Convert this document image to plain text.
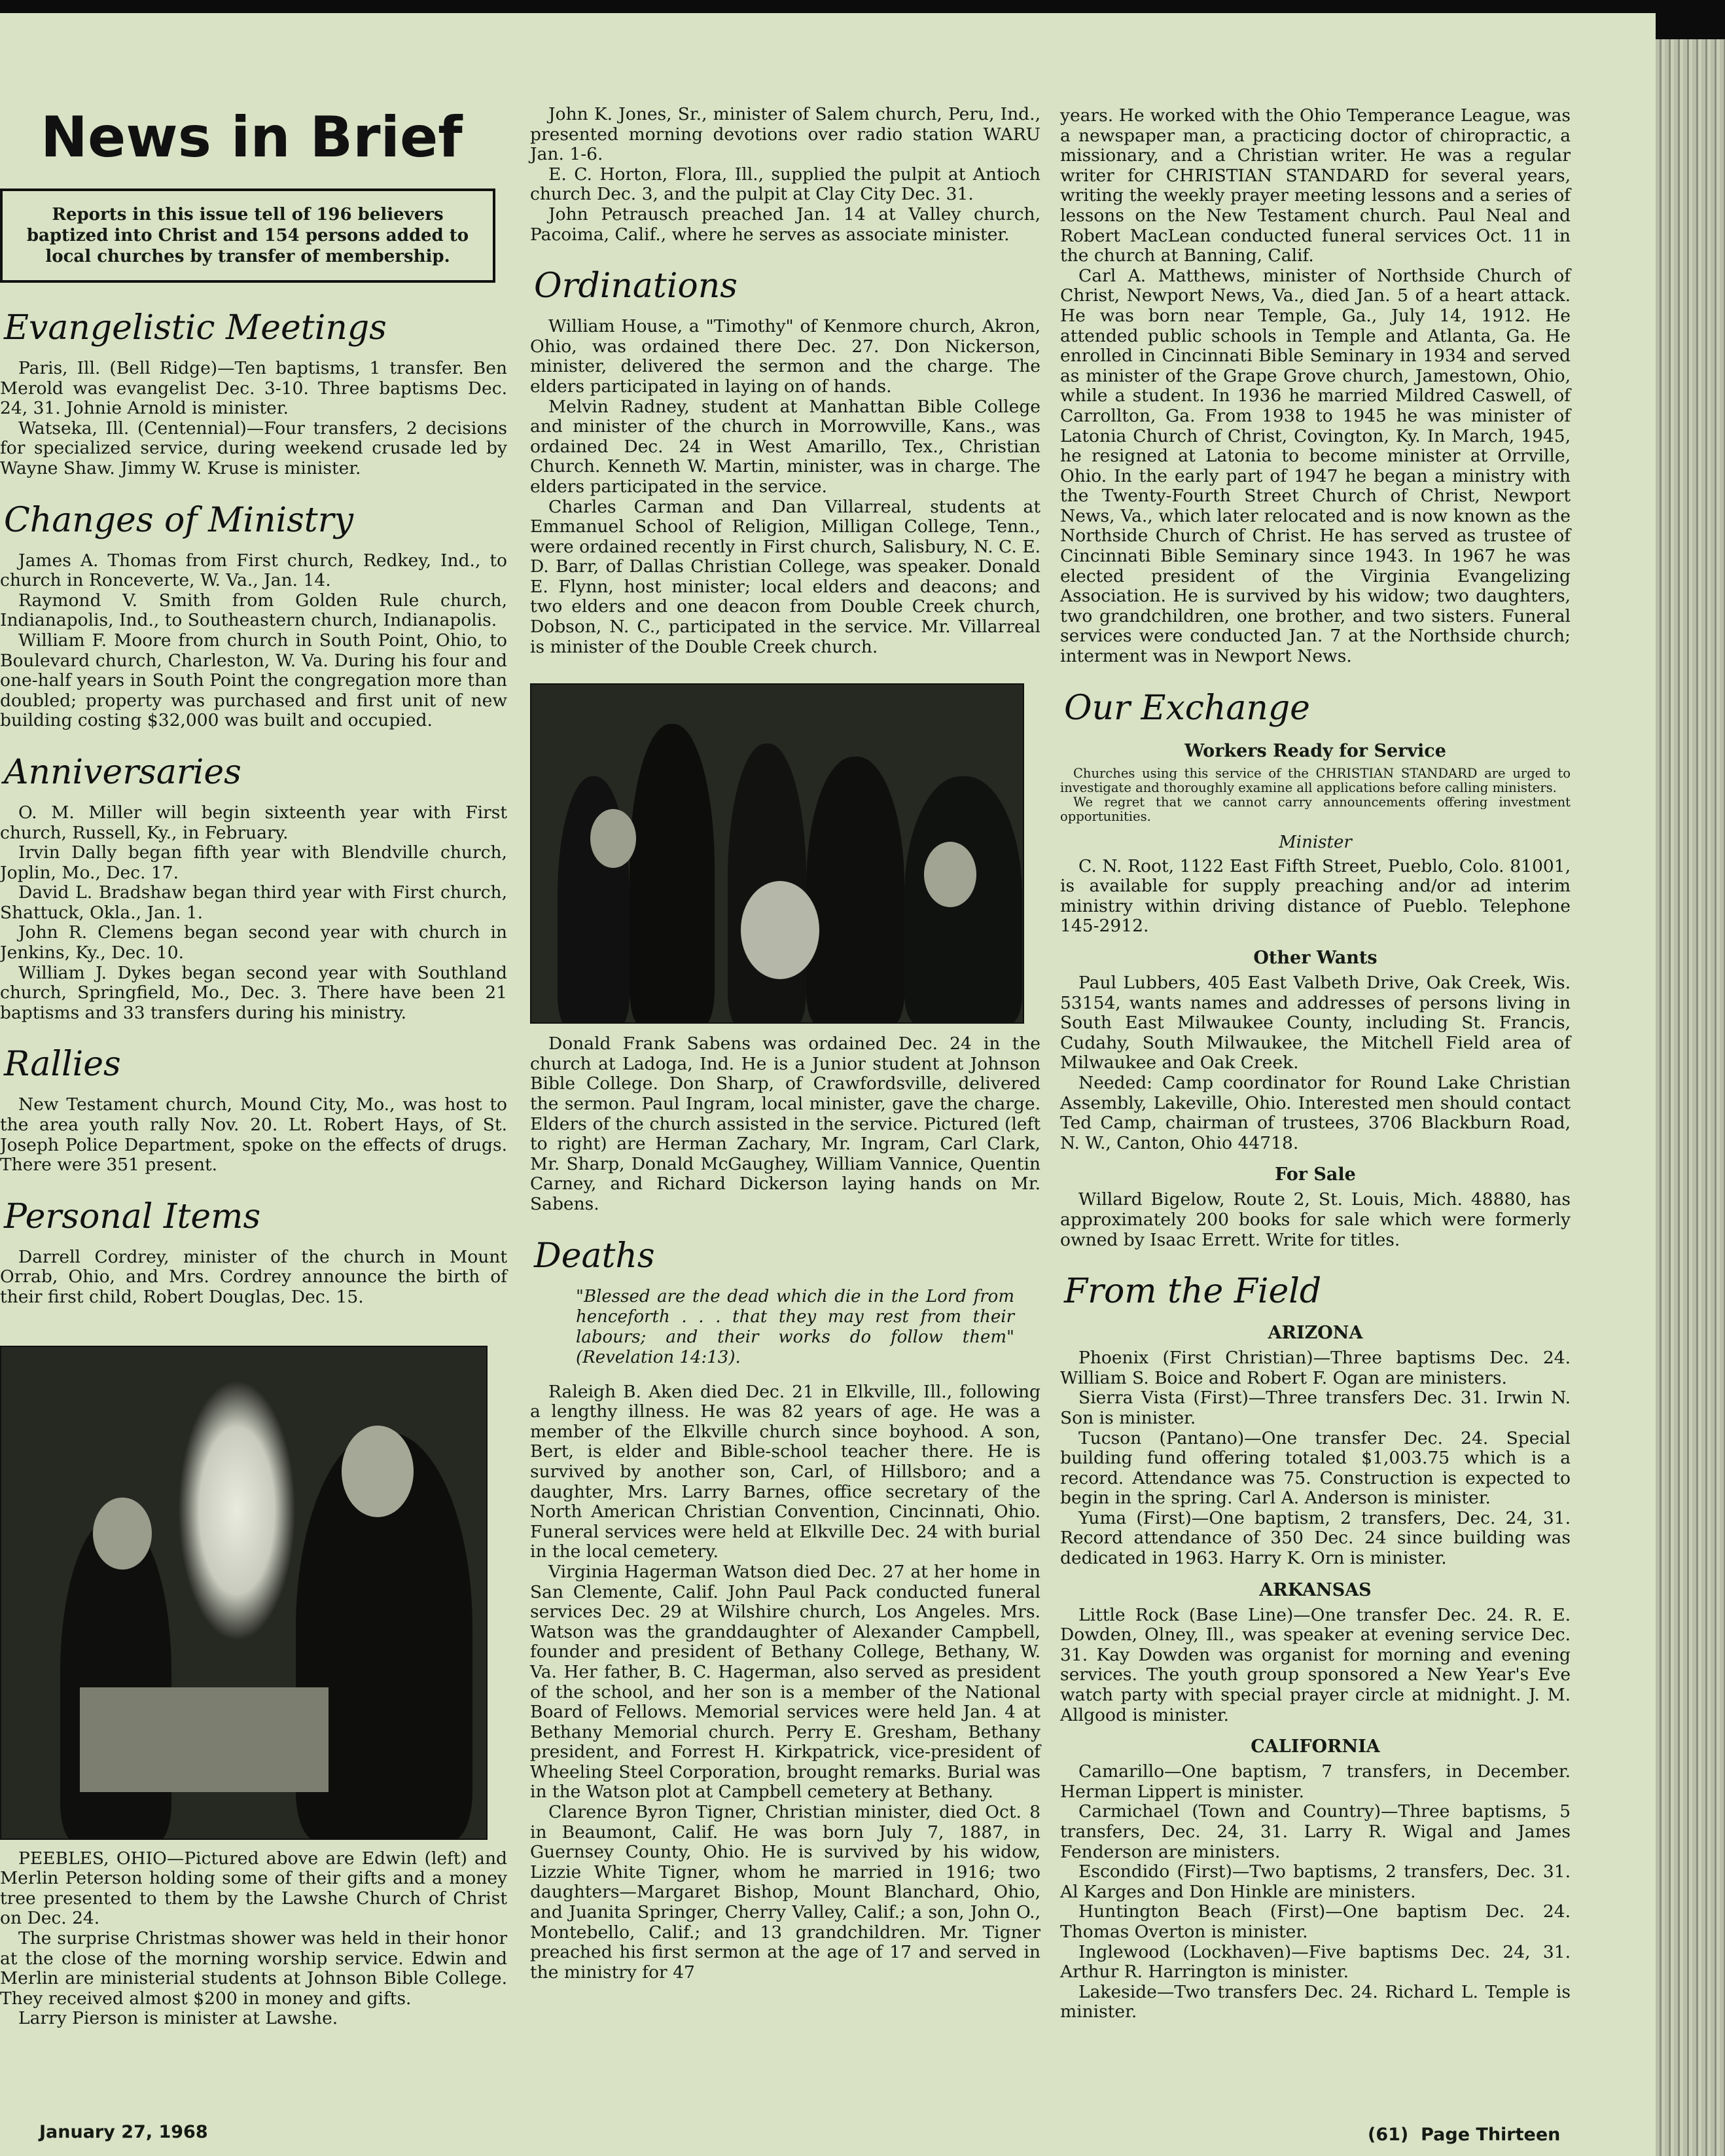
News in Brief
Reports in this issue tell of 196 believers baptized into Christ and 154 persons added to local churches by transfer of membership.
Evangelistic Meetings

Paris, Ill. (Bell Ridge)—Ten baptisms, 1 transfer. Ben Merold was evangelist Dec. 3-10. Three baptisms Dec. 24, 31. Johnie Arnold is minister.

Watseka, Ill. (Centennial)—Four transfers, 2 decisions for specialized service, during weekend crusade led by Wayne Shaw. Jimmy W. Kruse is minister.

Changes of Ministry

James A. Thomas from First church, Redkey, Ind., to church in Ronceverte, W. Va., Jan. 14.

Raymond V. Smith from Golden Rule church, Indianapolis, Ind., to Southeastern church, Indianapolis.

William F. Moore from church in South Point, Ohio, to Boulevard church, Charleston, W. Va. During his four and one-half years in South Point the congregation more than doubled; property was purchased and first unit of new building costing $32,000 was built and occupied.

Anniversaries

O. M. Miller will begin sixteenth year with First church, Russell, Ky., in February.

Irvin Dally began fifth year with Blendville church, Joplin, Mo., Dec. 17.

David L. Bradshaw began third year with First church, Shattuck, Okla., Jan. 1.

John R. Clemens began second year with church in Jenkins, Ky., Dec. 10.

William J. Dykes began second year with Southland church, Springfield, Mo., Dec. 3. There have been 21 baptisms and 33 transfers during his ministry.

Rallies

New Testament church, Mound City, Mo., was host to the area youth rally Nov. 20. Lt. Robert Hays, of St. Joseph Police Department, spoke on the effects of drugs. There were 351 present.

Personal Items

Darrell Cordrey, minister of the church in Mount Orrab, Ohio, and Mrs. Cordrey announce the birth of their first child, Robert Douglas, Dec. 15.

PEEBLES, OHIO—Pictured above are Edwin (left) and Merlin Peterson holding some of their gifts and a money tree presented to them by the Lawshe Church of Christ on Dec. 24.

The surprise Christmas shower was held in their honor at the close of the morning worship service. Edwin and Merlin are ministerial students at Johnson Bible College. They received almost $200 in money and gifts.

Larry Pierson is minister at Lawshe.

John K. Jones, Sr., minister of Salem church, Peru, Ind., presented morning devotions over radio station WARU Jan. 1-6.

E. C. Horton, Flora, Ill., supplied the pulpit at Antioch church Dec. 3, and the pulpit at Clay City Dec. 31.

John Petrausch preached Jan. 14 at Valley church, Pacoima, Calif., where he serves as associate minister.

Ordinations

William House, a "Timothy" of Kenmore church, Akron, Ohio, was ordained there Dec. 27. Don Nickerson, minister, delivered the sermon and the charge. The elders participated in laying on of hands.

Melvin Radney, student at Manhattan Bible College and minister of the church in Morrowville, Kans., was ordained Dec. 24 in West Amarillo, Tex., Christian Church. Kenneth W. Martin, minister, was in charge. The elders participated in the service.

Charles Carman and Dan Villarreal, students at Emmanuel School of Religion, Milligan College, Tenn., were ordained recently in First church, Salisbury, N. C. E. D. Barr, of Dallas Christian College, was speaker. Donald E. Flynn, host minister; local elders and deacons; and two elders and one deacon from Double Creek church, Dobson, N. C., participated in the service. Mr. Villarreal is minister of the Double Creek church.

Donald Frank Sabens was ordained Dec. 24 in the church at Ladoga, Ind. He is a Junior student at Johnson Bible College. Don Sharp, of Crawfordsville, delivered the sermon. Paul Ingram, local minister, gave the charge. Elders of the church assisted in the service. Pictured (left to right) are Herman Zachary, Mr. Ingram, Carl Clark, Mr. Sharp, Donald McGaughey, William Vannice, Quentin Carney, and Richard Dickerson laying hands on Mr. Sabens.

Deaths
"Blessed are the dead which die in the Lord from henceforth . . . that they may rest from their labours; and their works do follow them" (Revelation 14:13).

Raleigh B. Aken died Dec. 21 in Elkville, Ill., following a lengthy illness. He was 82 years of age. He was a member of the Elkville church since boyhood. A son, Bert, is elder and Bible-school teacher there. He is survived by another son, Carl, of Hillsboro; and a daughter, Mrs. Larry Barnes, office secretary of the North American Christian Convention, Cincinnati, Ohio. Funeral services were held at Elkville Dec. 24 with burial in the local cemetery.

Virginia Hagerman Watson died Dec. 27 at her home in San Clemente, Calif. John Paul Pack conducted funeral services Dec. 29 at Wilshire church, Los Angeles. Mrs. Watson was the granddaughter of Alexander Campbell, founder and president of Bethany College, Bethany, W. Va. Her father, B. C. Hagerman, also served as president of the school, and her son is a member of the National Board of Fellows. Memorial services were held Jan. 4 at Bethany Memorial church. Perry E. Gresham, Bethany president, and Forrest H. Kirkpatrick, vice-president of Wheeling Steel Corporation, brought remarks. Burial was in the Watson plot at Campbell cemetery at Bethany.

Clarence Byron Tigner, Christian minister, died Oct. 8 in Beaumont, Calif. He was born July 7, 1887, in Guernsey County, Ohio. He is survived by his widow, Lizzie White Tigner, whom he married in 1916; two daughters—Margaret Bishop, Mount Blanchard, Ohio, and Juanita Springer, Cherry Valley, Calif.; a son, John O., Montebello, Calif.; and 13 grandchildren. Mr. Tigner preached his first sermon at the age of 17 and served in the ministry for 47

years. He worked with the Ohio Temperance League, was a newspaper man, a practicing doctor of chiropractic, a missionary, and a Christian writer. He was a regular writer for CHRISTIAN STANDARD for several years, writing the weekly prayer meeting lessons and a series of lessons on the New Testament church. Paul Neal and Robert MacLean conducted funeral services Oct. 11 in the church at Banning, Calif.

Carl A. Matthews, minister of Northside Church of Christ, Newport News, Va., died Jan. 5 of a heart attack. He was born near Temple, Ga., July 14, 1912. He attended public schools in Temple and Atlanta, Ga. He enrolled in Cincinnati Bible Seminary in 1934 and served as minister of the Grape Grove church, Jamestown, Ohio, while a student. In 1936 he married Mildred Caswell, of Carrollton, Ga. From 1938 to 1945 he was minister of Latonia Church of Christ, Covington, Ky. In March, 1945, he resigned at Latonia to become minister at Orrville, Ohio. In the early part of 1947 he began a ministry with the Twenty-Fourth Street Church of Christ, Newport News, Va., which later relocated and is now known as the Northside Church of Christ. He has served as trustee of Cincinnati Bible Seminary since 1943. In 1967 he was elected president of the Virginia Evangelizing Association. He is survived by his widow; two daughters, two grandchildren, one brother, and two sisters. Funeral services were conducted Jan. 7 at the Northside church; interment was in Newport News.

Our Exchange
Workers Ready for Service

Churches using this service of the CHRISTIAN STANDARD are urged to investigate and thoroughly examine all applications before calling ministers.

We regret that we cannot carry announcements offering investment opportunities.

Minister

C. N. Root, 1122 East Fifth Street, Pueblo, Colo. 81001, is available for supply preaching and/or ad interim ministry within driving distance of Pueblo. Telephone 145-2912.

Other Wants

Paul Lubbers, 405 East Valbeth Drive, Oak Creek, Wis. 53154, wants names and addresses of persons living in South East Milwaukee County, including St. Francis, Cudahy, South Milwaukee, the Mitchell Field area of Milwaukee and Oak Creek.

Needed: Camp coordinator for Round Lake Christian Assembly, Lakeville, Ohio. Interested men should contact Ted Camp, chairman of trustees, 3706 Blackburn Road, N. W., Canton, Ohio 44718.

For Sale

Willard Bigelow, Route 2, St. Louis, Mich. 48880, has approximately 200 books for sale which were formerly owned by Isaac Errett. Write for titles.

From the Field
ARIZONA

Phoenix (First Christian)—Three baptisms Dec. 24. William S. Boice and Robert F. Ogan are ministers.

Sierra Vista (First)—Three transfers Dec. 31. Irwin N. Son is minister.

Tucson (Pantano)—One transfer Dec. 24. Special building fund offering totaled $1,003.75 which is a record. Attendance was 75. Construction is expected to begin in the spring. Carl A. Anderson is minister.

Yuma (First)—One baptism, 2 transfers, Dec. 24, 31. Record attendance of 350 Dec. 24 since building was dedicated in 1963. Harry K. Orn is minister.

ARKANSAS

Little Rock (Base Line)—One transfer Dec. 24. R. E. Dowden, Olney, Ill., was speaker at evening service Dec. 31. Kay Dowden was organist for morning and evening services. The youth group sponsored a New Year's Eve watch party with special prayer circle at midnight. J. M. Allgood is minister.

CALIFORNIA

Camarillo—One baptism, 7 transfers, in December. Herman Lippert is minister.

Carmichael (Town and Country)—Three baptisms, 5 transfers, Dec. 24, 31. Larry R. Wigal and James Fenderson are ministers.

Escondido (First)—Two baptisms, 2 transfers, Dec. 31. Al Karges and Don Hinkle are ministers.

Huntington Beach (First)—One baptism Dec. 24. Thomas Overton is minister.

Inglewood (Lockhaven)—Five baptisms Dec. 24, 31. Arthur R. Harrington is minister.

Lakeside—Two transfers Dec. 24. Richard L. Temple is minister.

January 27, 1968	(61) Page Thirteen
